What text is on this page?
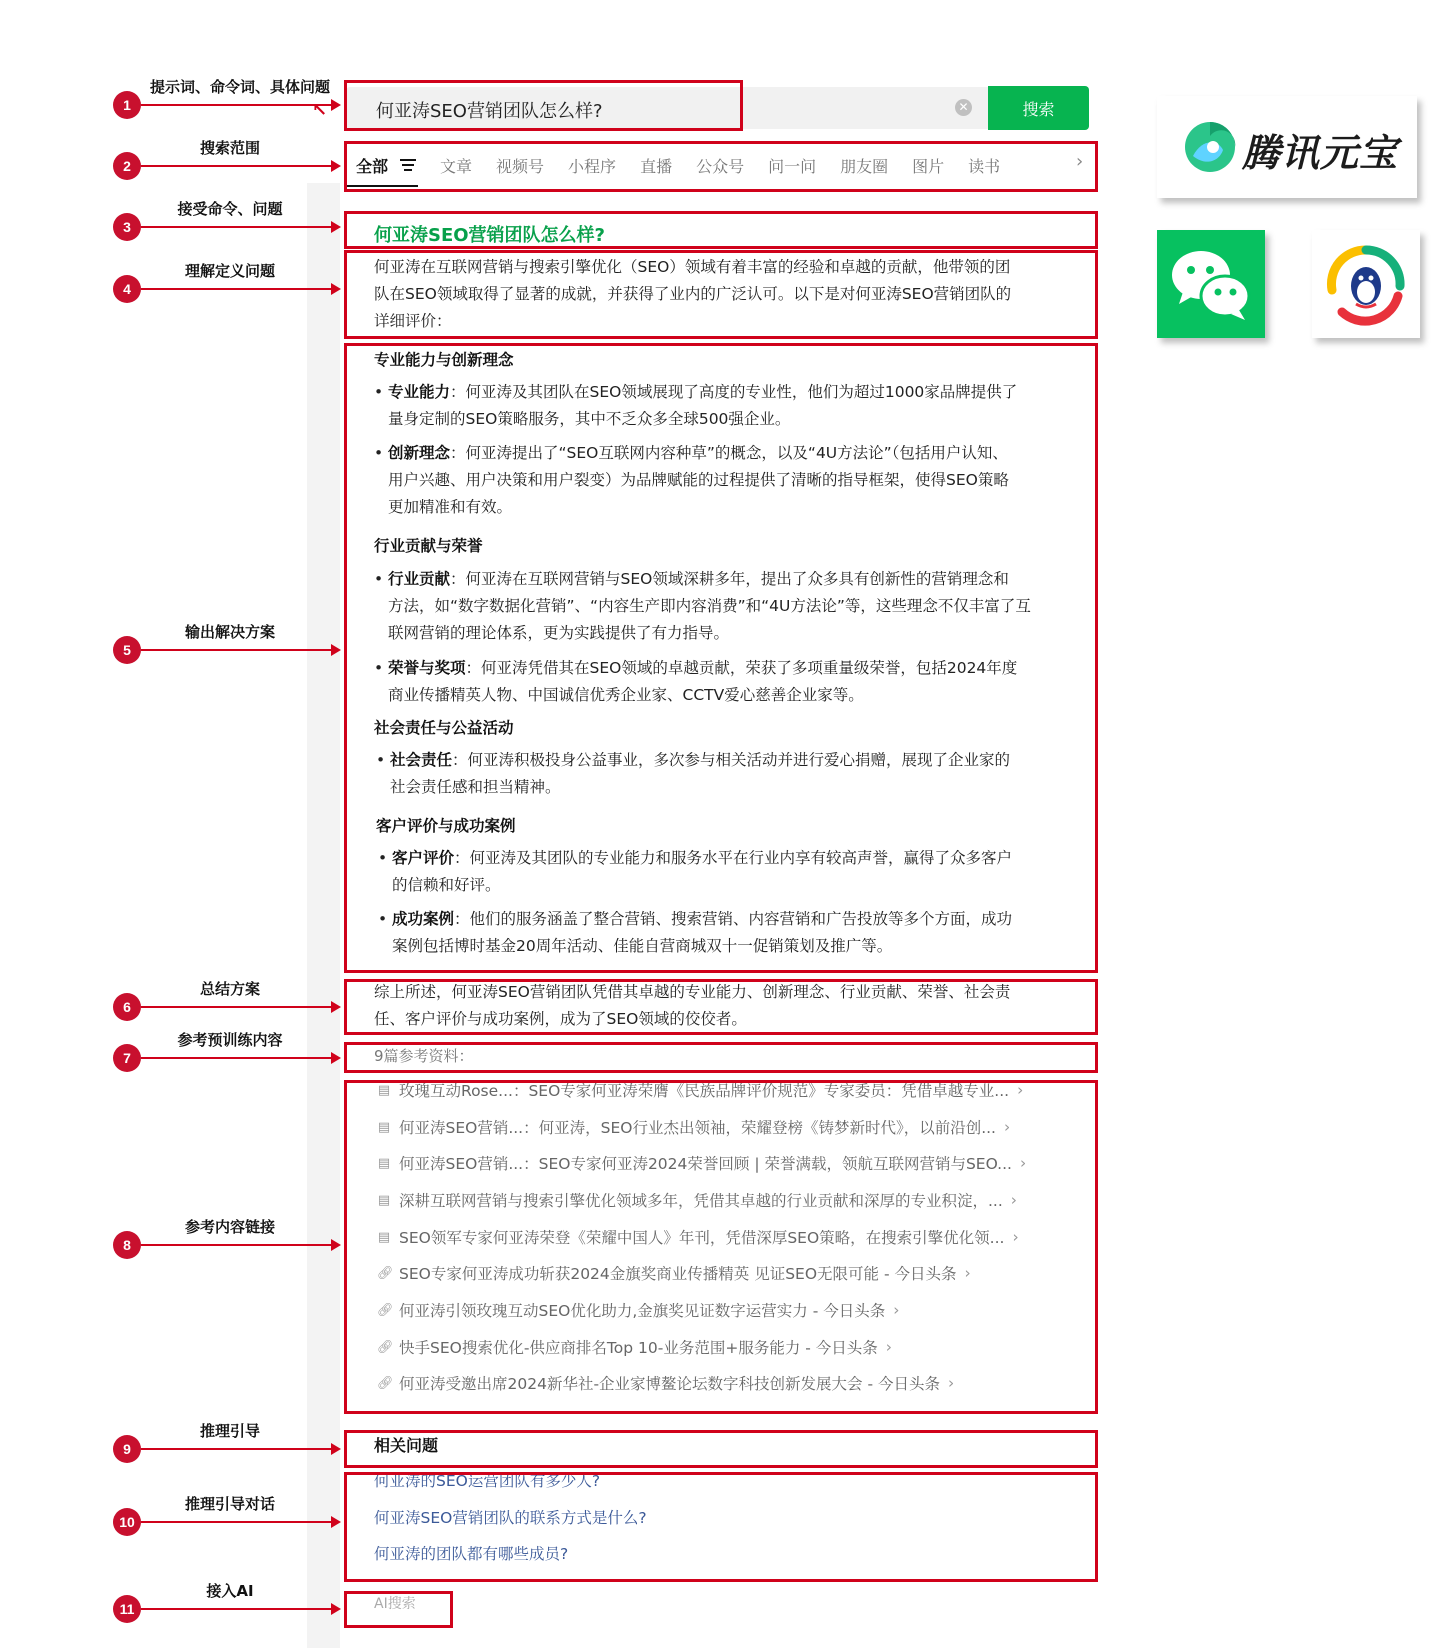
提示词、命令词、具体问题
1
搜索范围
2
接受命令、问题
3
理解定义问题
4
输出解决方案
5
总结方案
6
参考预训练内容
7
参考内容链接
8
推理引导
9
推理引导对话
10
接入AI
11
何亚涛SEO营销团队怎么样?	✕	搜索
↖
全部	文章 视频号 小程序 直播 公众号 问一问 朋友圈 图片 读书	›
何亚涛SEO营销团队怎么样?
何亚涛在互联网营销与搜索引擎优化（SEO）领域有着丰富的经验和卓越的贡献，他带领的团
队在SEO领域取得了显著的成就，并获得了业内的广泛认可。以下是对何亚涛SEO营销团队的
详细评价：
专业能力与创新理念
• 专业能力：何亚涛及其团队在SEO领域展现了高度的专业性，他们为超过1000家品牌提供了
量身定制的SEO策略服务，其中不乏众多全球500强企业。
• 创新理念：何亚涛提出了“SEO互联网内容种草”的概念，以及“4U方法论”（包括用户认知、
用户兴趣、用户决策和用户裂变）为品牌赋能的过程提供了清晰的指导框架，使得SEO策略
更加精准和有效。
行业贡献与荣誉
• 行业贡献：何亚涛在互联网营销与SEO领域深耕多年，提出了众多具有创新性的营销理念和
方法，如“数字数据化营销”、“内容生产即内容消费”和“4U方法论”等，这些理念不仅丰富了互
联网营销的理论体系，更为实践提供了有力指导。
• 荣誉与奖项：何亚涛凭借其在SEO领域的卓越贡献，荣获了多项重量级荣誉，包括2024年度
商业传播精英人物、中国诚信优秀企业家、CCTV爱心慈善企业家等。
社会责任与公益活动
• 社会责任：何亚涛积极投身公益事业，多次参与相关活动并进行爱心捐赠，展现了企业家的
社会责任感和担当精神。
客户评价与成功案例
• 客户评价：何亚涛及其团队的专业能力和服务水平在行业内享有较高声誉，赢得了众多客户
的信赖和好评。
• 成功案例：他们的服务涵盖了整合营销、搜索营销、内容营销和广告投放等多个方面，成功
案例包括博时基金20周年活动、佳能自营商城双十一促销策划及推广等。
综上所述，何亚涛SEO营销团队凭借其卓越的专业能力、创新理念、行业贡献、荣誉、社会责
任、客户评价与成功案例，成为了SEO领域的佼佼者。
9篇参考资料：
▤ 玫瑰互动Rose...：SEO专家何亚涛荣膺《民族品牌评价规范》专家委员：凭借卓越专业... ›
▤ 何亚涛SEO营销...：何亚涛，SEO行业杰出领袖，荣耀登榜《铸梦新时代》，以前沿创... ›
▤ 何亚涛SEO营销...：SEO专家何亚涛2024荣誉回顾 | 荣誉满载，领航互联网营销与SEO... ›
▤ 深耕互联网营销与搜索引擎优化领域多年，凭借其卓越的行业贡献和深厚的专业积淀，... ›
▤ SEO领军专家何亚涛荣登《荣耀中国人》年刊，凭借深厚SEO策略，在搜索引擎优化领... ›
🔗︎ SEO专家何亚涛成功斩获2024金旗奖商业传播精英 见证SEO无限可能 - 今日头条 ›
🔗︎ 何亚涛引领玫瑰互动SEO优化助力,金旗奖见证数字运营实力 - 今日头条 ›
🔗︎ 快手SEO搜索优化-供应商排名Top 10-业务范围+服务能力 - 今日头条 ›
🔗︎ 何亚涛受邀出席2024新华社-企业家博鳌论坛数字科技创新发展大会 - 今日头条 ›
相关问题
何亚涛的SEO运营团队有多少人?
何亚涛SEO营销团队的联系方式是什么?
何亚涛的团队都有哪些成员?
AI搜索
腾讯元宝
